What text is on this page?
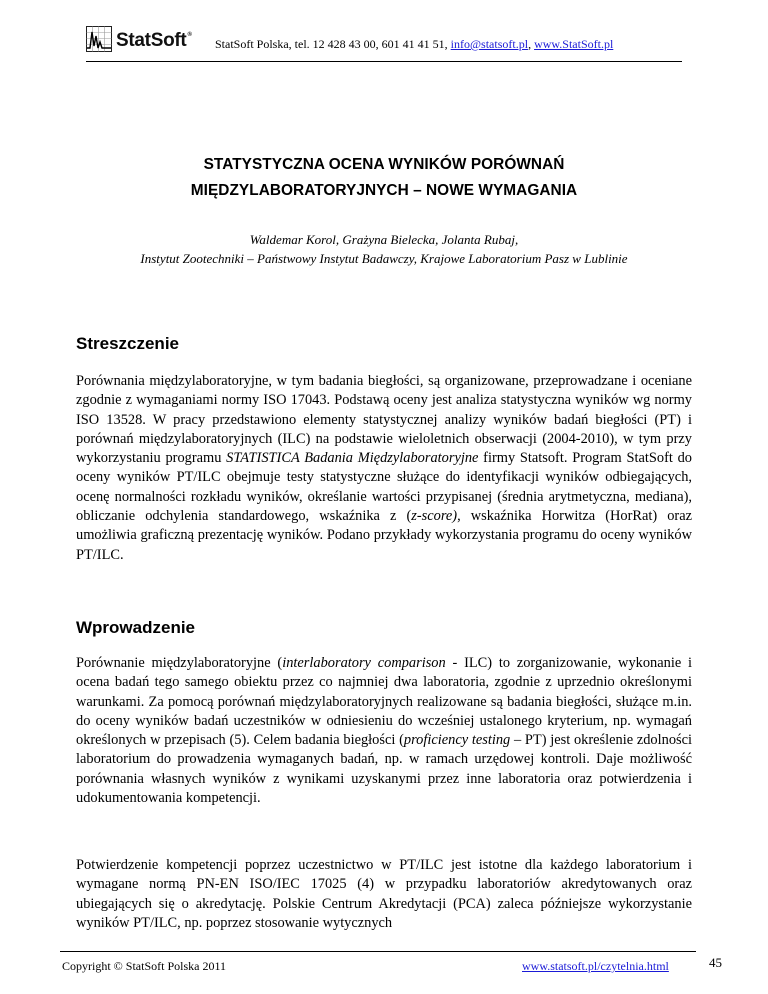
StatSoft®
StatSoft Polska, tel. 12 428 43 00, 601 41 41 51, info@statsoft.pl, www.StatSoft.pl
STATYSTYCZNA OCENA WYNIKÓW PORÓWNAŃ
MIĘDZYLABORATORYJNYCH – NOWE WYMAGANIA
Waldemar Korol, Grażyna Bielecka, Jolanta Rubaj,
Instytut Zootechniki – Państwowy Instytut Badawczy, Krajowe Laboratorium Pasz w Lublinie
Streszczenie

Porównania międzylaboratoryjne, w tym badania biegłości, są organizowane, przeprowadzane i oceniane zgodnie z wymaganiami normy ISO 17043. Podstawą oceny jest analiza statystyczna wyników wg normy ISO 13528. W pracy przedstawiono elementy statystycznej analizy wyników badań biegłości (PT) i porównań międzylaboratoryjnych (ILC) na podstawie wieloletnich obserwacji (2004-2010), w tym przy wykorzystaniu programu STATISTICA Badania Międzylaboratoryjne firmy Statsoft. Program StatSoft do oceny wyników PT/ILC obejmuje testy statystyczne służące do identyfikacji wyników odbiegających, ocenę normalności rozkładu wyników, określanie wartości przypisanej (średnia arytmetyczna, mediana), obliczanie odchylenia standardowego, wskaźnika z (z-score), wskaźnika Horwitza (HorRat) oraz umożliwia graficzną prezentację wyników. Podano przykłady wykorzystania programu do oceny wyników PT/ILC.

Wprowadzenie

Porównanie międzylaboratoryjne (interlaboratory comparison - ILC) to zorganizowanie, wykonanie i ocena badań tego samego obiektu przez co najmniej dwa laboratoria, zgodnie z uprzednio określonymi warunkami. Za pomocą porównań międzylaboratoryjnych realizowane są badania biegłości, służące m.in. do oceny wyników badań uczestników w odniesieniu do wcześniej ustalonego kryterium, np. wymagań określonych w przepisach (5). Celem badania biegłości (proficiency testing – PT) jest określenie zdolności laboratorium do prowadzenia wymaganych badań, np. w ramach urzędowej kontroli. Daje możliwość porównania własnych wyników z wynikami uzyskanymi przez inne laboratoria oraz potwierdzenia i udokumentowania kompetencji.

Potwierdzenie kompetencji poprzez uczestnictwo w PT/ILC jest istotne dla każdego laboratorium i wymagane normą PN-EN ISO/IEC 17025 (4) w przypadku laboratoriów akredytowanych oraz ubiegających się o akredytację. Polskie Centrum Akredytacji (PCA) zaleca późniejsze wykorzystanie wyników PT/ILC, np. poprzez stosowanie wytycznych

Copyright © StatSoft Polska 2011	www.statsoft.pl/czytelnia.html	45
